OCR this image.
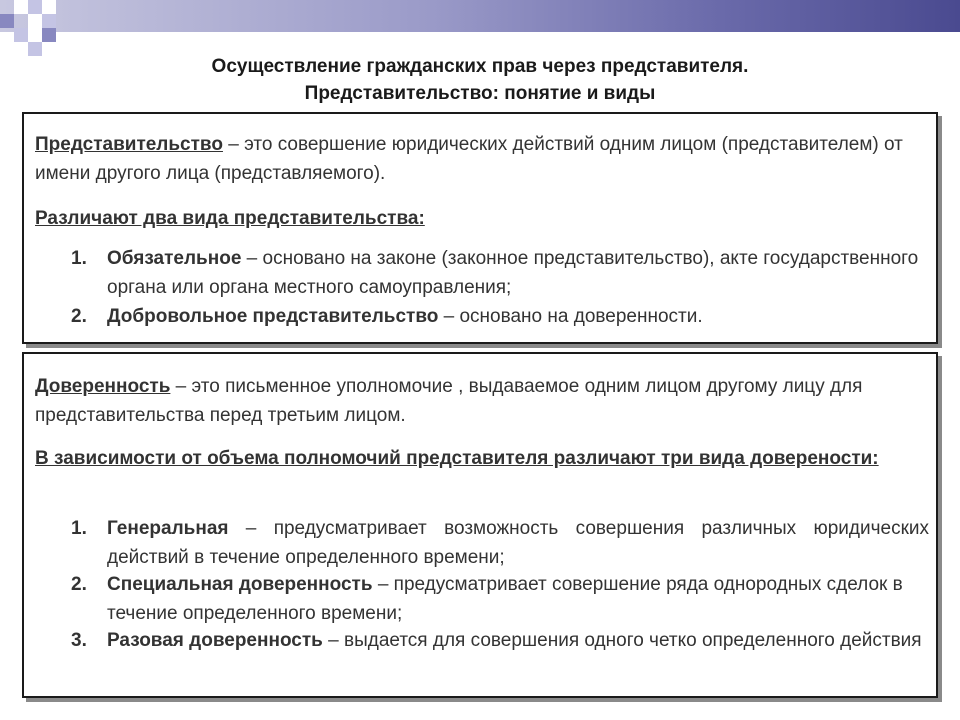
Осуществление гражданских прав через представителя.
Представительство: понятие и виды
Представительство – это совершение юридических действий одним лицом (представителем) от имени другого лица (представляемого).
Различают два вида представительства:
1.	Обязательное – основано на законе (законное представительство), акте государственного органа или органа местного самоуправления;
2.	Добровольное представительство – основано на доверенности.
Доверенность – это письменное уполномочие , выдаваемое одним лицом другому лицу для представительства перед третьим лицом.
В зависимости от объема полномочий представителя различают три вида доверености:
1.	Генеральная – предусматривает возможность совершения различных юридических действий в течение определенного времени;
2.	Специальная доверенность – предусматривает совершение ряда однородных сделок в течение определенного времени;
3.	Разовая доверенность – выдается для совершения одного четко определенного действия
